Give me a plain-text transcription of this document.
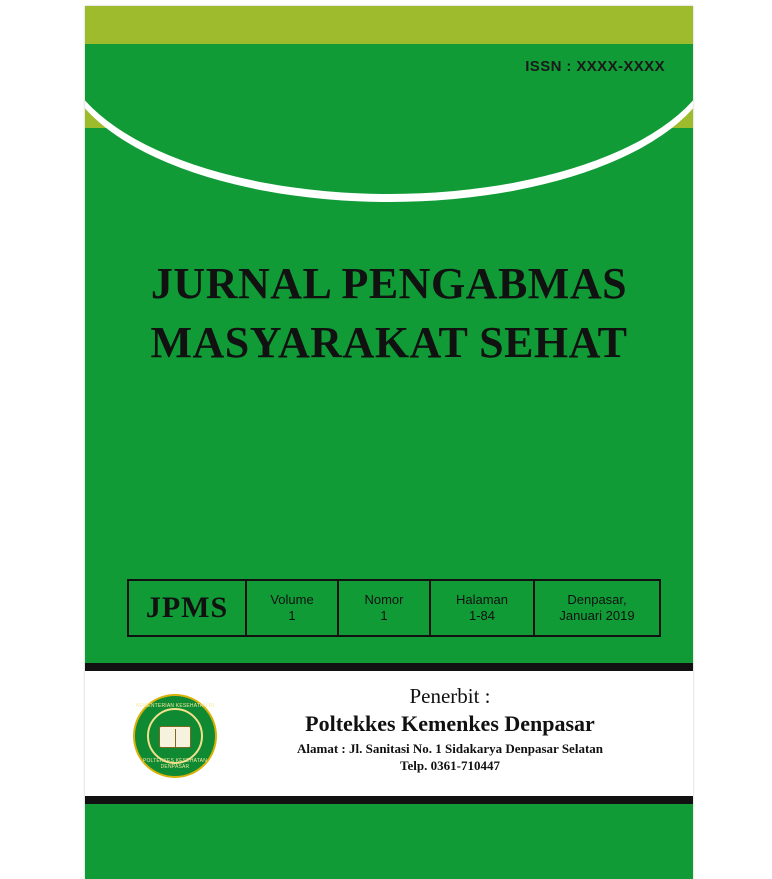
ISSN : XXXX-XXXX
JURNAL PENGABMAS
MASYARAKAT SEHAT
JPMS	Volume
1
Nomor
1
Halaman
1-84
Denpasar,
Januari 2019
KEMENTERIAN KESEHATAN RI
POLTEKKES KESEHATAN DENPASAR
Penerbit :
Poltekkes Kemenkes Denpasar
Alamat : Jl. Sanitasi No. 1 Sidakarya Denpasar Selatan
Telp. 0361-710447
